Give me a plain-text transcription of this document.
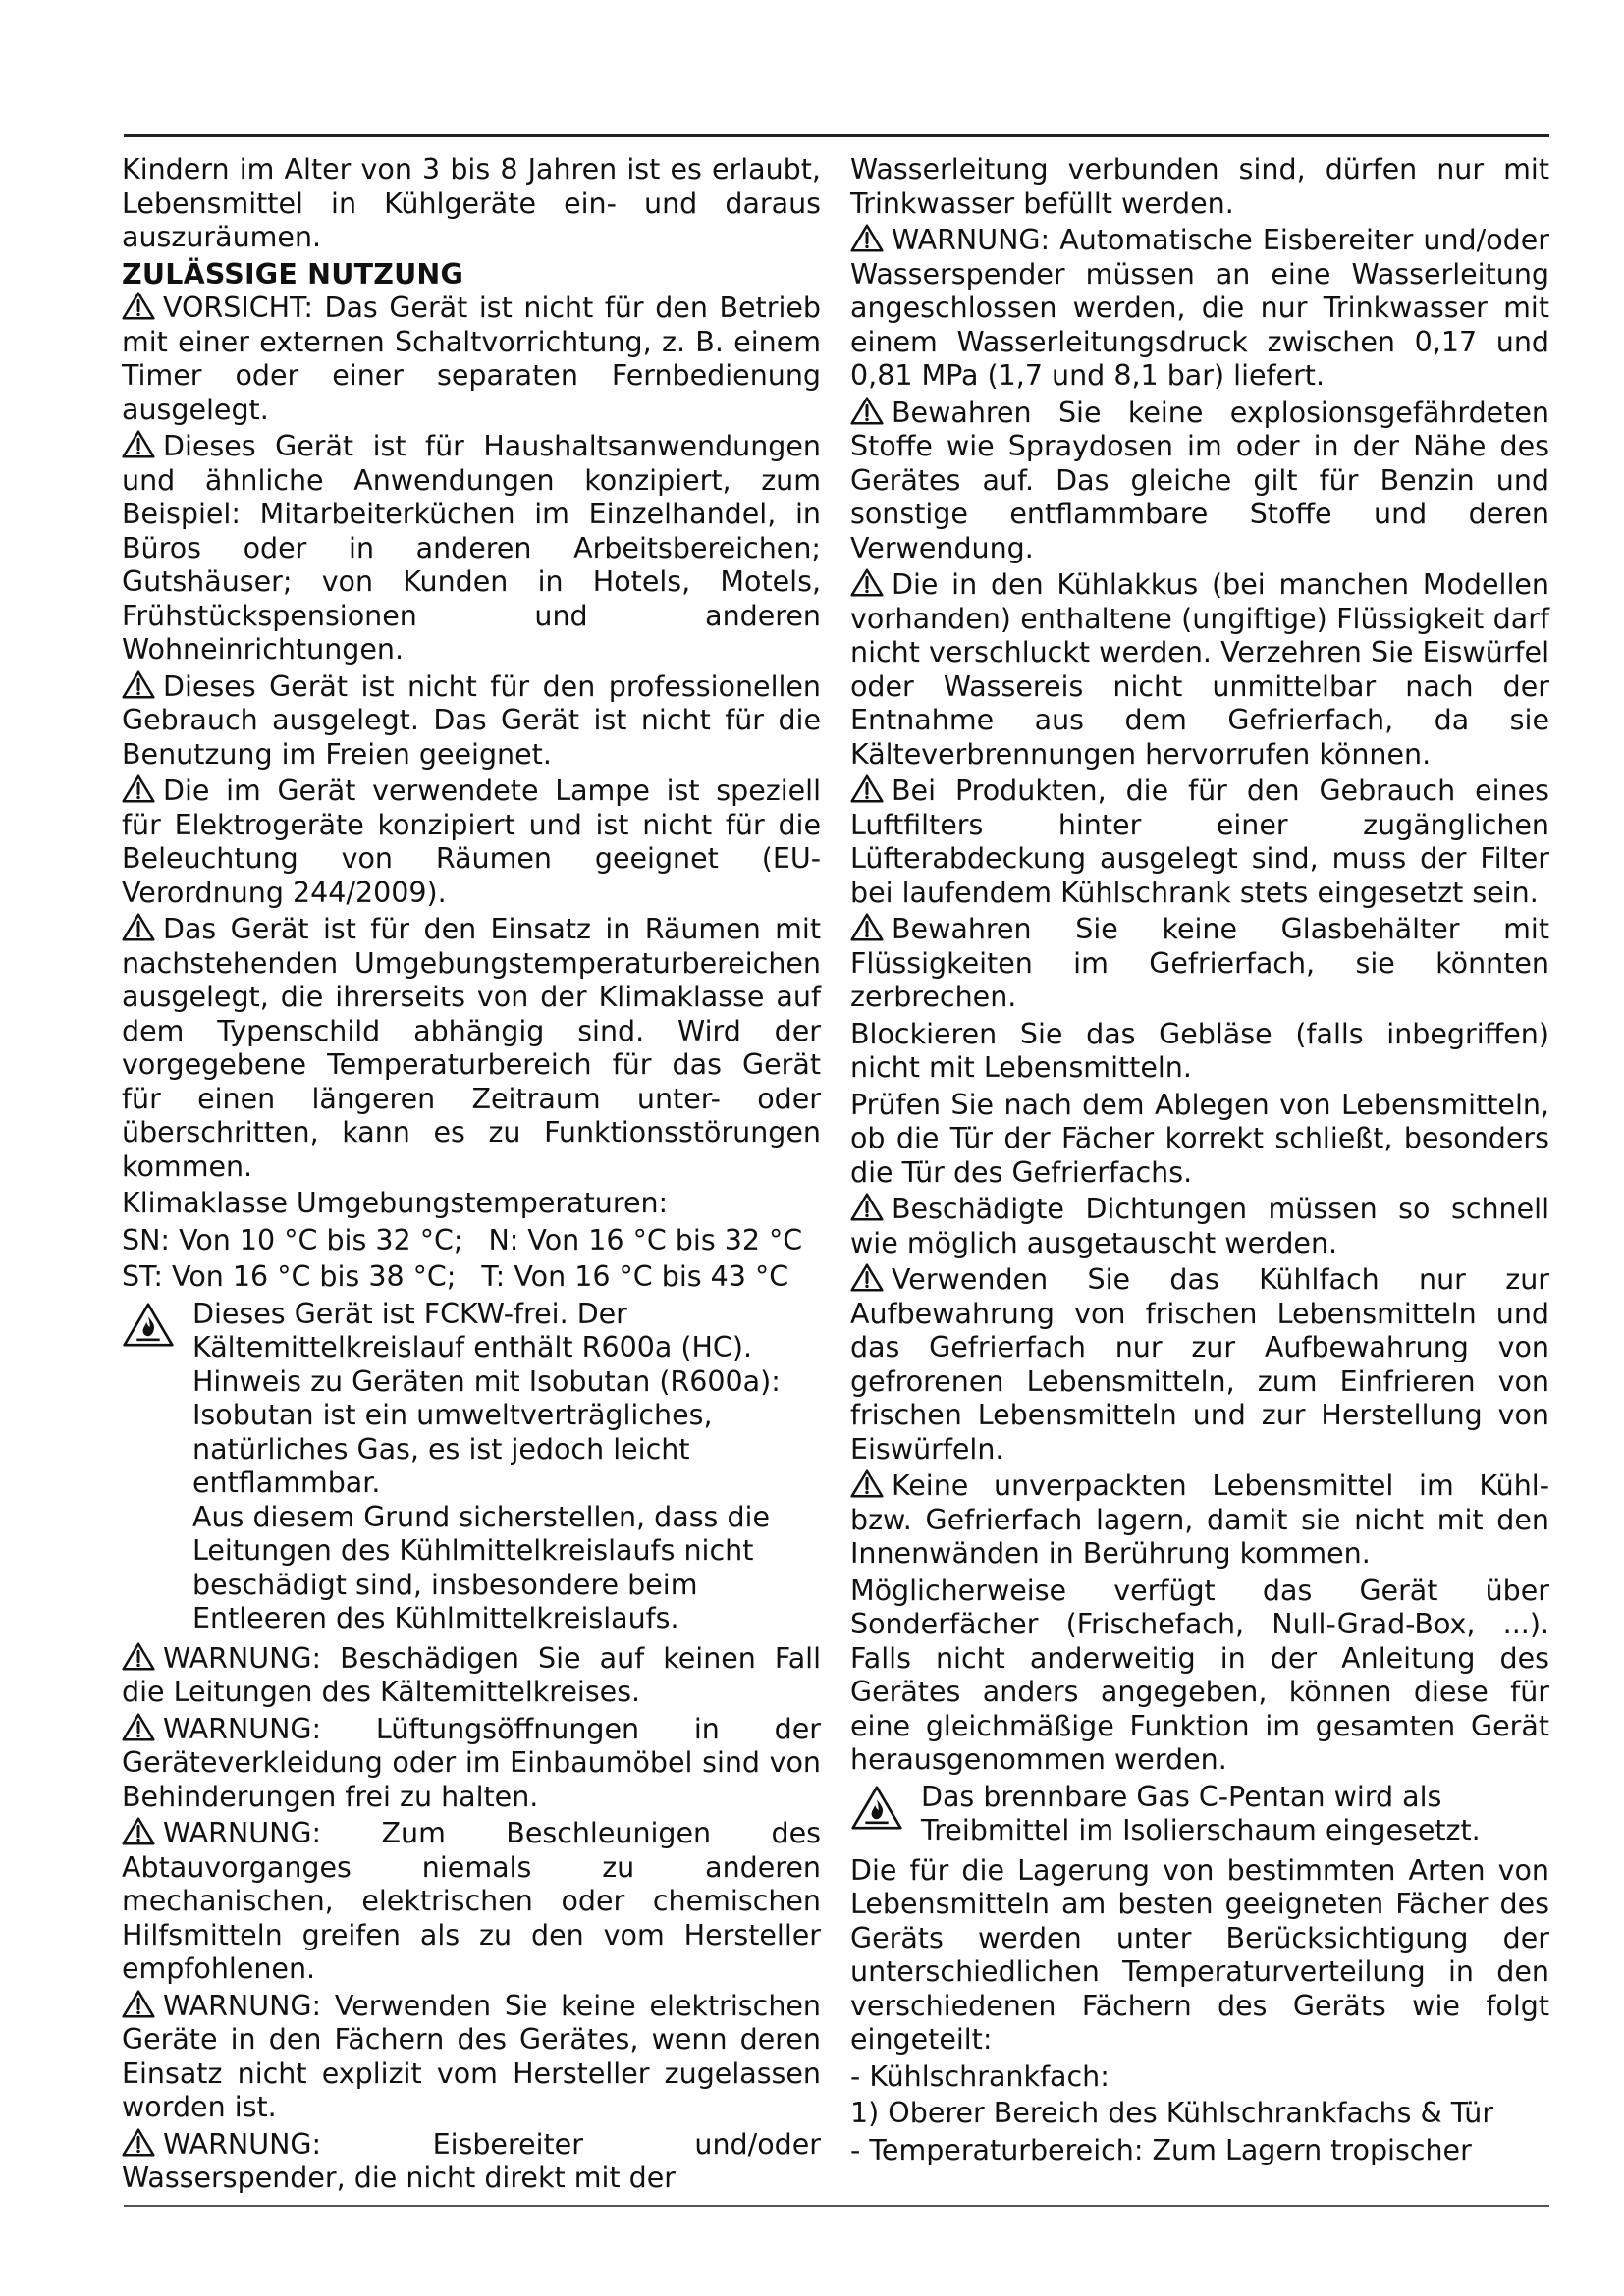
Kindern im Alter von 3 bis 8 Jahren ist es erlaubt, Lebensmittel in Kühlgeräte ein- und daraus auszuräumen.

ZULÄSSIGE NUTZUNG

VORSICHT: Das Gerät ist nicht für den Betrieb mit einer externen Schaltvorrichtung, z. B. einem Timer oder einer separaten Fernbedienung ausgelegt.

Dieses Gerät ist für Haushaltsanwendungen und ähnliche Anwendungen konzipiert, zum Beispiel: Mitarbeiterküchen im Einzelhandel, in Büros oder in anderen Arbeitsbereichen; Gutshäuser; von Kunden in Hotels, Motels, Frühstückspensionen und anderen Wohneinrichtungen.

Dieses Gerät ist nicht für den professionellen Gebrauch ausgelegt. Das Gerät ist nicht für die Benutzung im Freien geeignet.

Die im Gerät verwendete Lampe ist speziell für Elektrogeräte konzipiert und ist nicht für die Beleuchtung von Räumen geeignet (EU-Verordnung 244/2009).

Das Gerät ist für den Einsatz in Räumen mit nachstehenden Umgebungstemperaturbereichen ausgelegt, die ihrerseits von der Klimaklasse auf dem Typenschild abhängig sind. Wird der vorgegebene Temperaturbereich für das Gerät für einen längeren Zeitraum unter- oder überschritten, kann es zu Funktionsstörungen kommen.

Klimaklasse Umgebungstemperaturen:

SN: Von 10 °C bis 32 °C; N: Von 16 °C bis 32 °C
ST: Von 16 °C bis 38 °C; T: Von 16 °C bis 43 °C

Dieses Gerät ist FCKW-frei. Der Kältemittelkreislauf enthält R600a (HC). Hinweis zu Geräten mit Isobutan (R600a): Isobutan ist ein umweltverträgliches, natürliches Gas, es ist jedoch leicht entflammbar.

Aus diesem Grund sicherstellen, dass die Leitungen des Kühlmittelkreislaufs nicht beschädigt sind, insbesondere beim Entleeren des Kühlmittelkreislaufs.

WARNUNG: Beschädigen Sie auf keinen Fall die Leitungen des Kältemittelkreises.

WARNUNG: Lüftungsöffnungen in der Geräteverkleidung oder im Einbaumöbel sind von Behinderungen frei zu halten.

WARNUNG: Zum Beschleunigen des Abtauvorganges niemals zu anderen mechanischen, elektrischen oder chemischen Hilfsmitteln greifen als zu den vom Hersteller empfohlenen.

WARNUNG: Verwenden Sie keine elektrischen Geräte in den Fächern des Gerätes, wenn deren Einsatz nicht explizit vom Hersteller zugelassen worden ist.

WARNUNG: Eisbereiter und/oder Wasserspender, die nicht direkt mit der

Wasserleitung verbunden sind, dürfen nur mit Trinkwasser befüllt werden.

WARNUNG: Automatische Eisbereiter und/oder Wasserspender müssen an eine Wasserleitung angeschlossen werden, die nur Trinkwasser mit einem Wasserleitungsdruck zwischen 0,17 und 0,81 MPa (1,7 und 8,1 bar) liefert.

Bewahren Sie keine explosionsgefährdeten Stoffe wie Spraydosen im oder in der Nähe des Gerätes auf. Das gleiche gilt für Benzin und sonstige entflammbare Stoffe und deren Verwendung.

Die in den Kühlakkus (bei manchen Modellen vorhanden) enthaltene (ungiftige) Flüssigkeit darf nicht verschluckt werden. Verzehren Sie Eiswürfel oder Wassereis nicht unmittelbar nach der Entnahme aus dem Gefrierfach, da sie Kälteverbrennungen hervorrufen können.

Bei Produkten, die für den Gebrauch eines Luftfilters hinter einer zugänglichen Lüfterabdeckung ausgelegt sind, muss der Filter bei laufendem Kühlschrank stets eingesetzt sein.

Bewahren Sie keine Glasbehälter mit Flüssigkeiten im Gefrierfach, sie könnten zerbrechen.

Blockieren Sie das Gebläse (falls inbegriffen) nicht mit Lebensmitteln.

Prüfen Sie nach dem Ablegen von Lebensmitteln, ob die Tür der Fächer korrekt schließt, besonders die Tür des Gefrierfachs.

Beschädigte Dichtungen müssen so schnell wie möglich ausgetauscht werden.

Verwenden Sie das Kühlfach nur zur Aufbewahrung von frischen Lebensmitteln und das Gefrierfach nur zur Aufbewahrung von gefrorenen Lebensmitteln, zum Einfrieren von frischen Lebensmitteln und zur Herstellung von Eiswürfeln.

Keine unverpackten Lebensmittel im Kühl- bzw. Gefrierfach lagern, damit sie nicht mit den Innenwänden in Berührung kommen.

Möglicherweise verfügt das Gerät über Sonderfächer (Frischefach, Null-Grad-Box, ...). Falls nicht anderweitig in der Anleitung des Gerätes anders angegeben, können diese für eine gleichmäßige Funktion im gesamten Gerät herausgenommen werden.

Das brennbare Gas C-Pentan wird als Treibmittel im Isolierschaum eingesetzt.

Die für die Lagerung von bestimmten Arten von Lebensmitteln am besten geeigneten Fächer des Geräts werden unter Berücksichtigung der unterschiedlichen Temperaturverteilung in den verschiedenen Fächern des Geräts wie folgt eingeteilt:

- Kühlschrankfach:

1) Oberer Bereich des Kühlschrankfachs & Tür

- Temperaturbereich: Zum Lagern tropischer
